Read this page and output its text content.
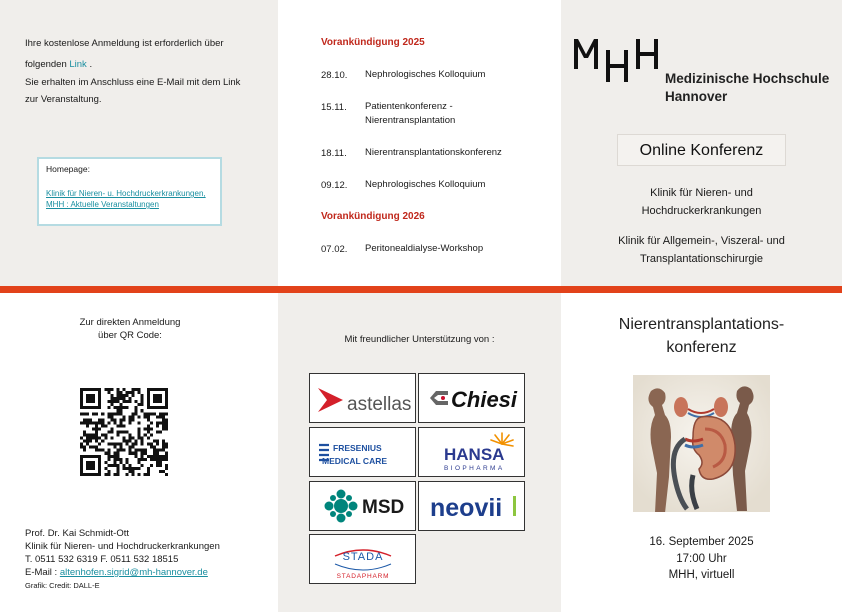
Ihre kostenlose Anmeldung ist erforderlich über
folgenden Link .
Sie erhalten im Anschluss eine E-Mail mit dem Link zur Veranstaltung.
Homepage:
Klinik für Nieren- u. Hochdruckerkrankungen,
MHH : Aktuelle Veranstaltungen
Vorankündigung 2025
28.10. Nephrologisches Kolloquium
15.11. Patientenkonferenz - Nierentransplantation
18.11. Nierentransplantationskonferenz
09.12. Nephrologisches Kolloquium
Vorankündigung 2026
07.02. Peritonealdialyse-Workshop
Medizinische Hochschule
Hannover
Online Konferenz
Klinik für Nieren- und
Hochdruckerkrankungen
Klinik für Allgemein-, Viszeral- und
Transplantationschirurgie
Zur direkten Anmeldung
über QR Code:
Prof. Dr. Kai Schmidt-Ott
Klinik für Nieren- und Hochdruckerkrankungen
T. 0511 532 6319 F. 0511 532 18515
E-Mail : altenhofen.sigrid@mh-hannover.de
Grafik: Credit: DALL-E
Mit freundlicher Unterstützung von :
astellas Chiesi
FRESENIUS
MEDICAL CARE	HANSA
BIOPHARMA
MSD neovii
STADA
STADAPHARM
Nierentransplantations-
konferenz
16. September 2025
17:00 Uhr
MHH, virtuell
